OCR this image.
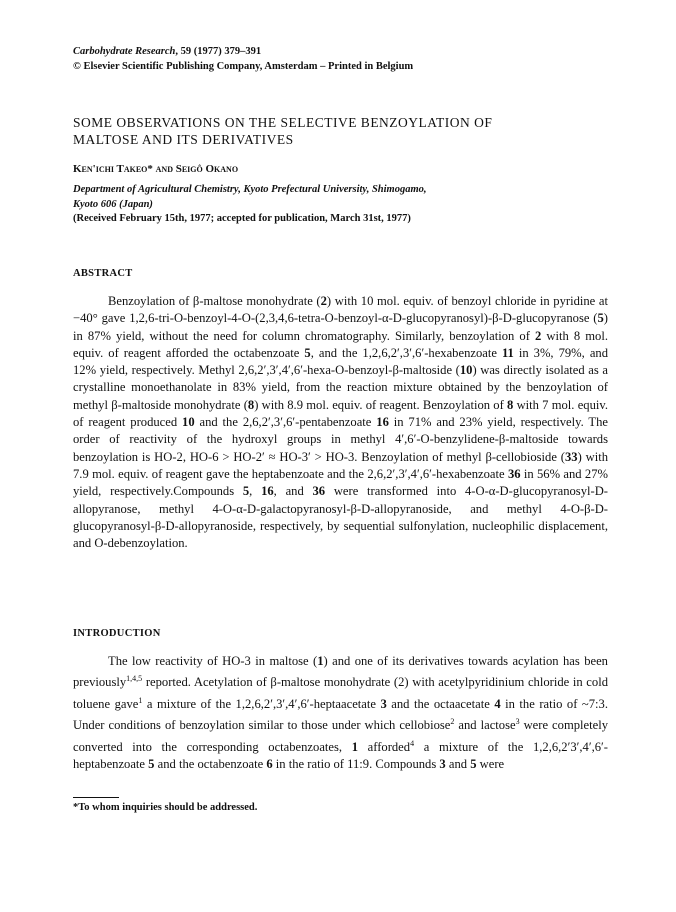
Carbohydrate Research, 59 (1977) 379–391
© Elsevier Scientific Publishing Company, Amsterdam – Printed in Belgium
SOME OBSERVATIONS ON THE SELECTIVE BENZOYLATION OF
MALTOSE AND ITS DERIVATIVES
Ken'ichi Takeo* and Seigô Okano
Department of Agricultural Chemistry, Kyoto Prefectural University, Shimogamo,
Kyoto 606 (Japan)
(Received February 15th, 1977; accepted for publication, March 31st, 1977)
ABSTRACT

Benzoylation of β-maltose monohydrate (2) with 10 mol. equiv. of benzoyl chloride in pyridine at −40° gave 1,2,6-tri-O-benzoyl-4-O-(2,3,4,6-tetra-O-benzoyl-α-D-glucopyranosyl)-β-D-glucopyranose (5) in 87% yield, without the need for column chromatography. Similarly, benzoylation of 2 with 8 mol. equiv. of reagent afforded the octabenzoate 5, and the 1,2,6,2′,3′,6′-hexabenzoate 11 in 3%, 79%, and 12% yield, respectively. Methyl 2,6,2′,3′,4′,6′-hexa-O-benzoyl-β-maltoside (10) was directly isolated as a crystalline monoethanolate in 83% yield, from the reaction mixture obtained by the benzoylation of methyl β-maltoside monohydrate (8) with 8.9 mol. equiv. of reagent. Benzoylation of 8 with 7 mol. equiv. of reagent produced 10 and the 2,6,2′,3′,6′-pentabenzoate 16 in 71% and 23% yield, respectively. The order of reactivity of the hydroxyl groups in methyl 4′,6′-O-benzylidene-β-maltoside towards benzoylation is HO-2, HO-6 > HO-2′ ≈ HO-3′ > HO-3. Benzoylation of methyl β-cellobioside (33) with 7.9 mol. equiv. of reagent gave the heptabenzoate and the 2,6,2′,3′,4′,6′-hexabenzoate 36 in 56% and 27% yield, respectively.Compounds 5, 16, and 36 were transformed into 4-O-α-D-glucopyranosyl-D-allopyranose, methyl 4-O-α-D-galactopyranosyl-β-D-allopyranoside, and methyl 4-O-β-D-glucopyranosyl-β-D-allopyranoside, respectively, by sequential sulfonylation, nucleophilic displacement, and O-debenzoylation.

INTRODUCTION

The low reactivity of HO-3 in maltose (1) and one of its derivatives towards acylation has been previously$^{1,4,5}$ reported. Acetylation of β-maltose monohydrate (2) with acetylpyridinium chloride in cold toluene gave$^1$ a mixture of the 1,2,6,2′,3′,4′,6′-heptaacetate 3 and the octaacetate 4 in the ratio of ~7:3. Under conditions of benzoylation similar to those under which cellobiose$^2$ and lactose$^3$ were completely converted into the corresponding octabenzoates, 1 afforded$^4$ a mixture of the 1,2,6,2′3′,4′,6′-heptabenzoate 5 and the octabenzoate 6 in the ratio of 11:9. Compounds 3 and 5 were

*To whom inquiries should be addressed.
